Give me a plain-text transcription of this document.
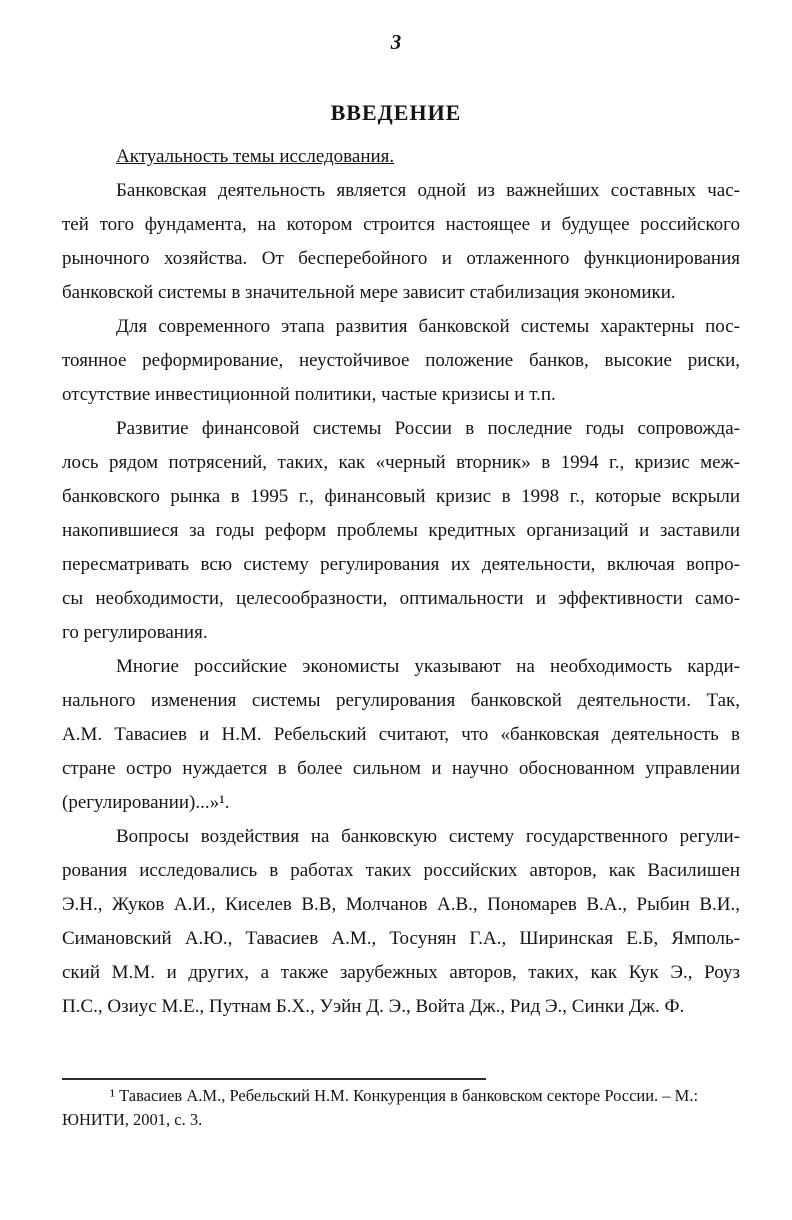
3
ВВЕДЕНИЕ
Актуальность темы исследования.
Банковская деятельность является одной из важнейших составных час-
тей того фундамента, на котором строится настоящее и будущее российского
рыночного хозяйства. От бесперебойного и отлаженного функционирования
банковской системы в значительной мере зависит стабилизация экономики.
Для современного этапа развития банковской системы характерны пос-
тоянное реформирование, неустойчивое положение банков, высокие риски,
отсутствие инвестиционной политики, частые кризисы и т.п.
Развитие финансовой системы России в последние годы сопровожда-
лось рядом потрясений, таких, как «черный вторник» в 1994 г., кризис меж-
банковского рынка в 1995 г., финансовый кризис в 1998 г., которые вскрыли
накопившиеся за годы реформ проблемы кредитных организаций и заставили
пересматривать всю систему регулирования их деятельности, включая вопро-
сы необходимости, целесообразности, оптимальности и эффективности само-
го регулирования.
Многие российские экономисты указывают на необходимость карди-
нального изменения системы регулирования банковской деятельности. Так,
А.М. Тавасиев и Н.М. Ребельский считают, что «банковская деятельность в
стране остро нуждается в более сильном и научно обоснованном управлении
(регулировании)...»¹.
Вопросы воздействия на банковскую систему государственного регули-
рования исследовались в работах таких российских авторов, как Василишен
Э.Н., Жуков А.И., Киселев В.В, Молчанов А.В., Пономарев В.А., Рыбин В.И.,
Симановский А.Ю., Тавасиев А.М., Тосунян Г.А., Ширинская Е.Б, Ямполь-
ский М.М. и других, а также зарубежных авторов, таких, как Кук Э., Роуз
П.С., Озиус М.Е., Путнам Б.Х., Уэйн Д. Э., Войта Дж., Рид Э., Синки Дж. Ф.
¹ Тавасиев А.М., Ребельский Н.М. Конкуренция в банковском секторе России. – М.:
ЮНИТИ, 2001, с. 3.
